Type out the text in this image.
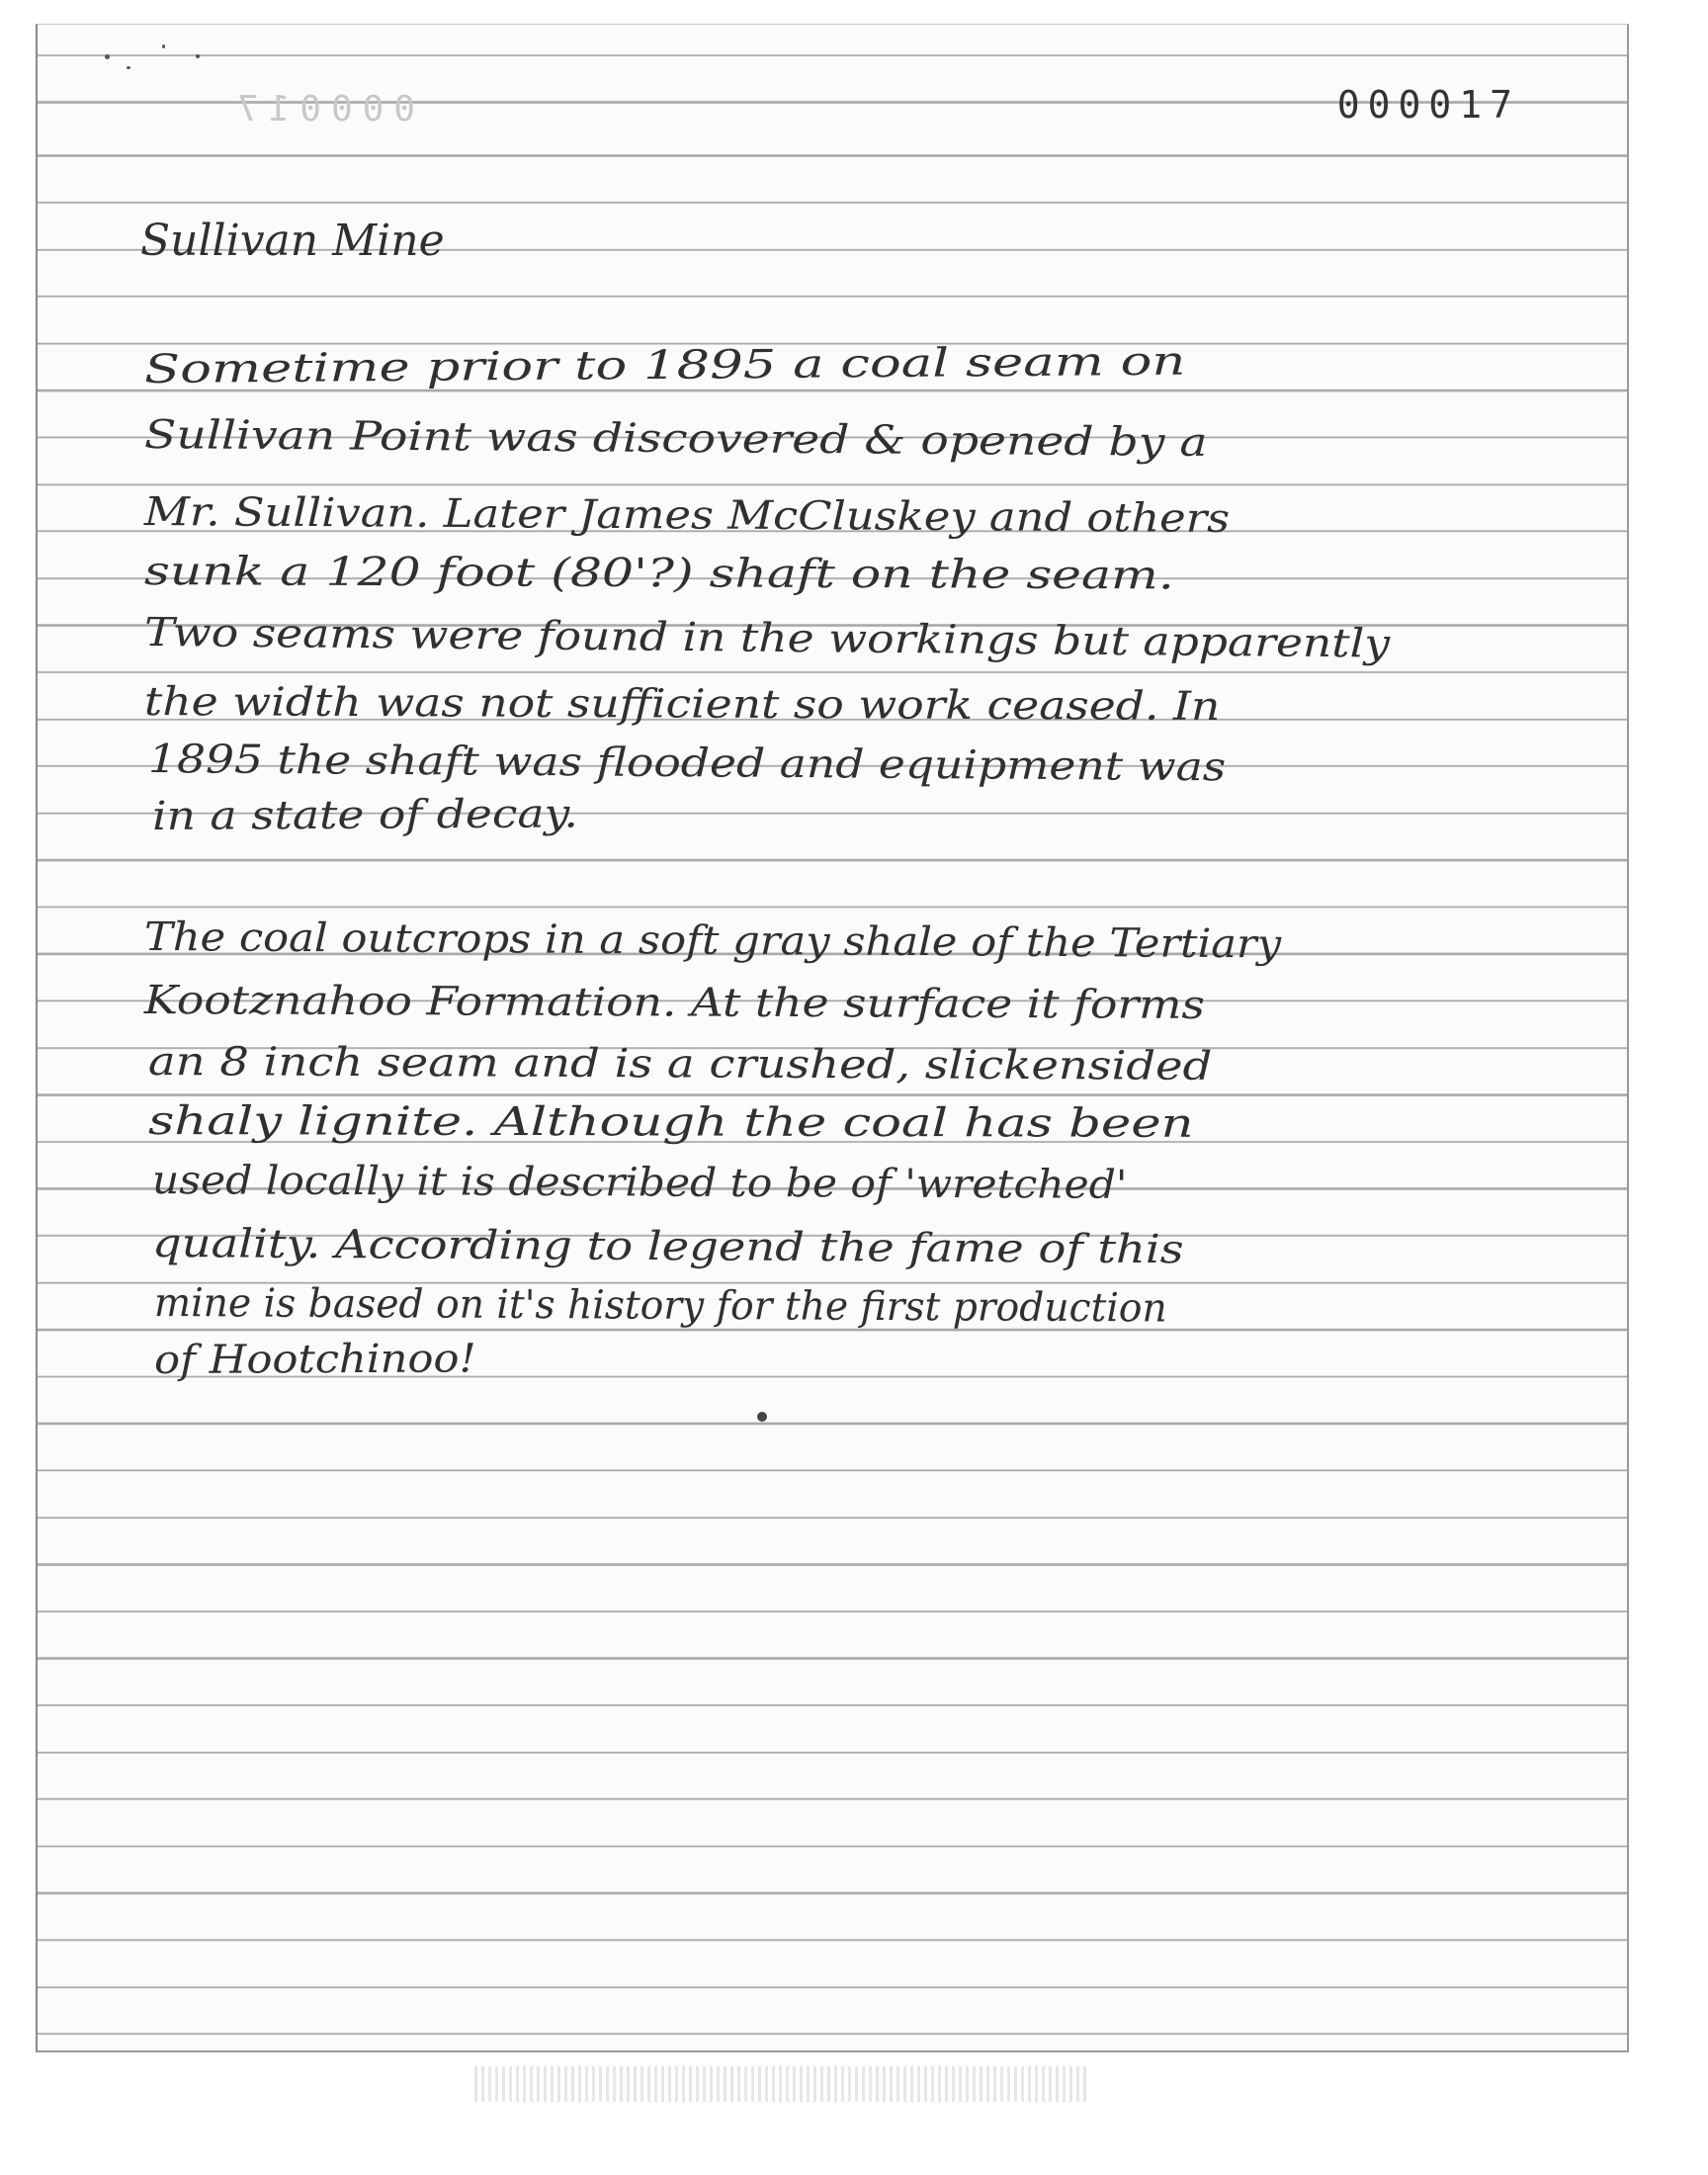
000017	000017
Sullivan Mine
Sometime prior to 1895 a coal seam on
Sullivan Point was discovered & opened by a
Mr. Sullivan. Later James McCluskey and others
sunk a 120 foot (80'?) shaft on the seam.
Two seams were found in the workings but apparently
the width was not sufficient so work ceased. In
1895 the shaft was flooded and equipment was
in a state of decay.
The coal outcrops in a soft gray shale of the Tertiary
Kootznahoo Formation. At the surface it forms
an 8 inch seam and is a crushed, slickensided
shaly lignite. Although the coal has been
used locally it is described to be of 'wretched'
quality. According to legend the fame of this
mine is based on it's history for the first production
of Hootchinoo!
